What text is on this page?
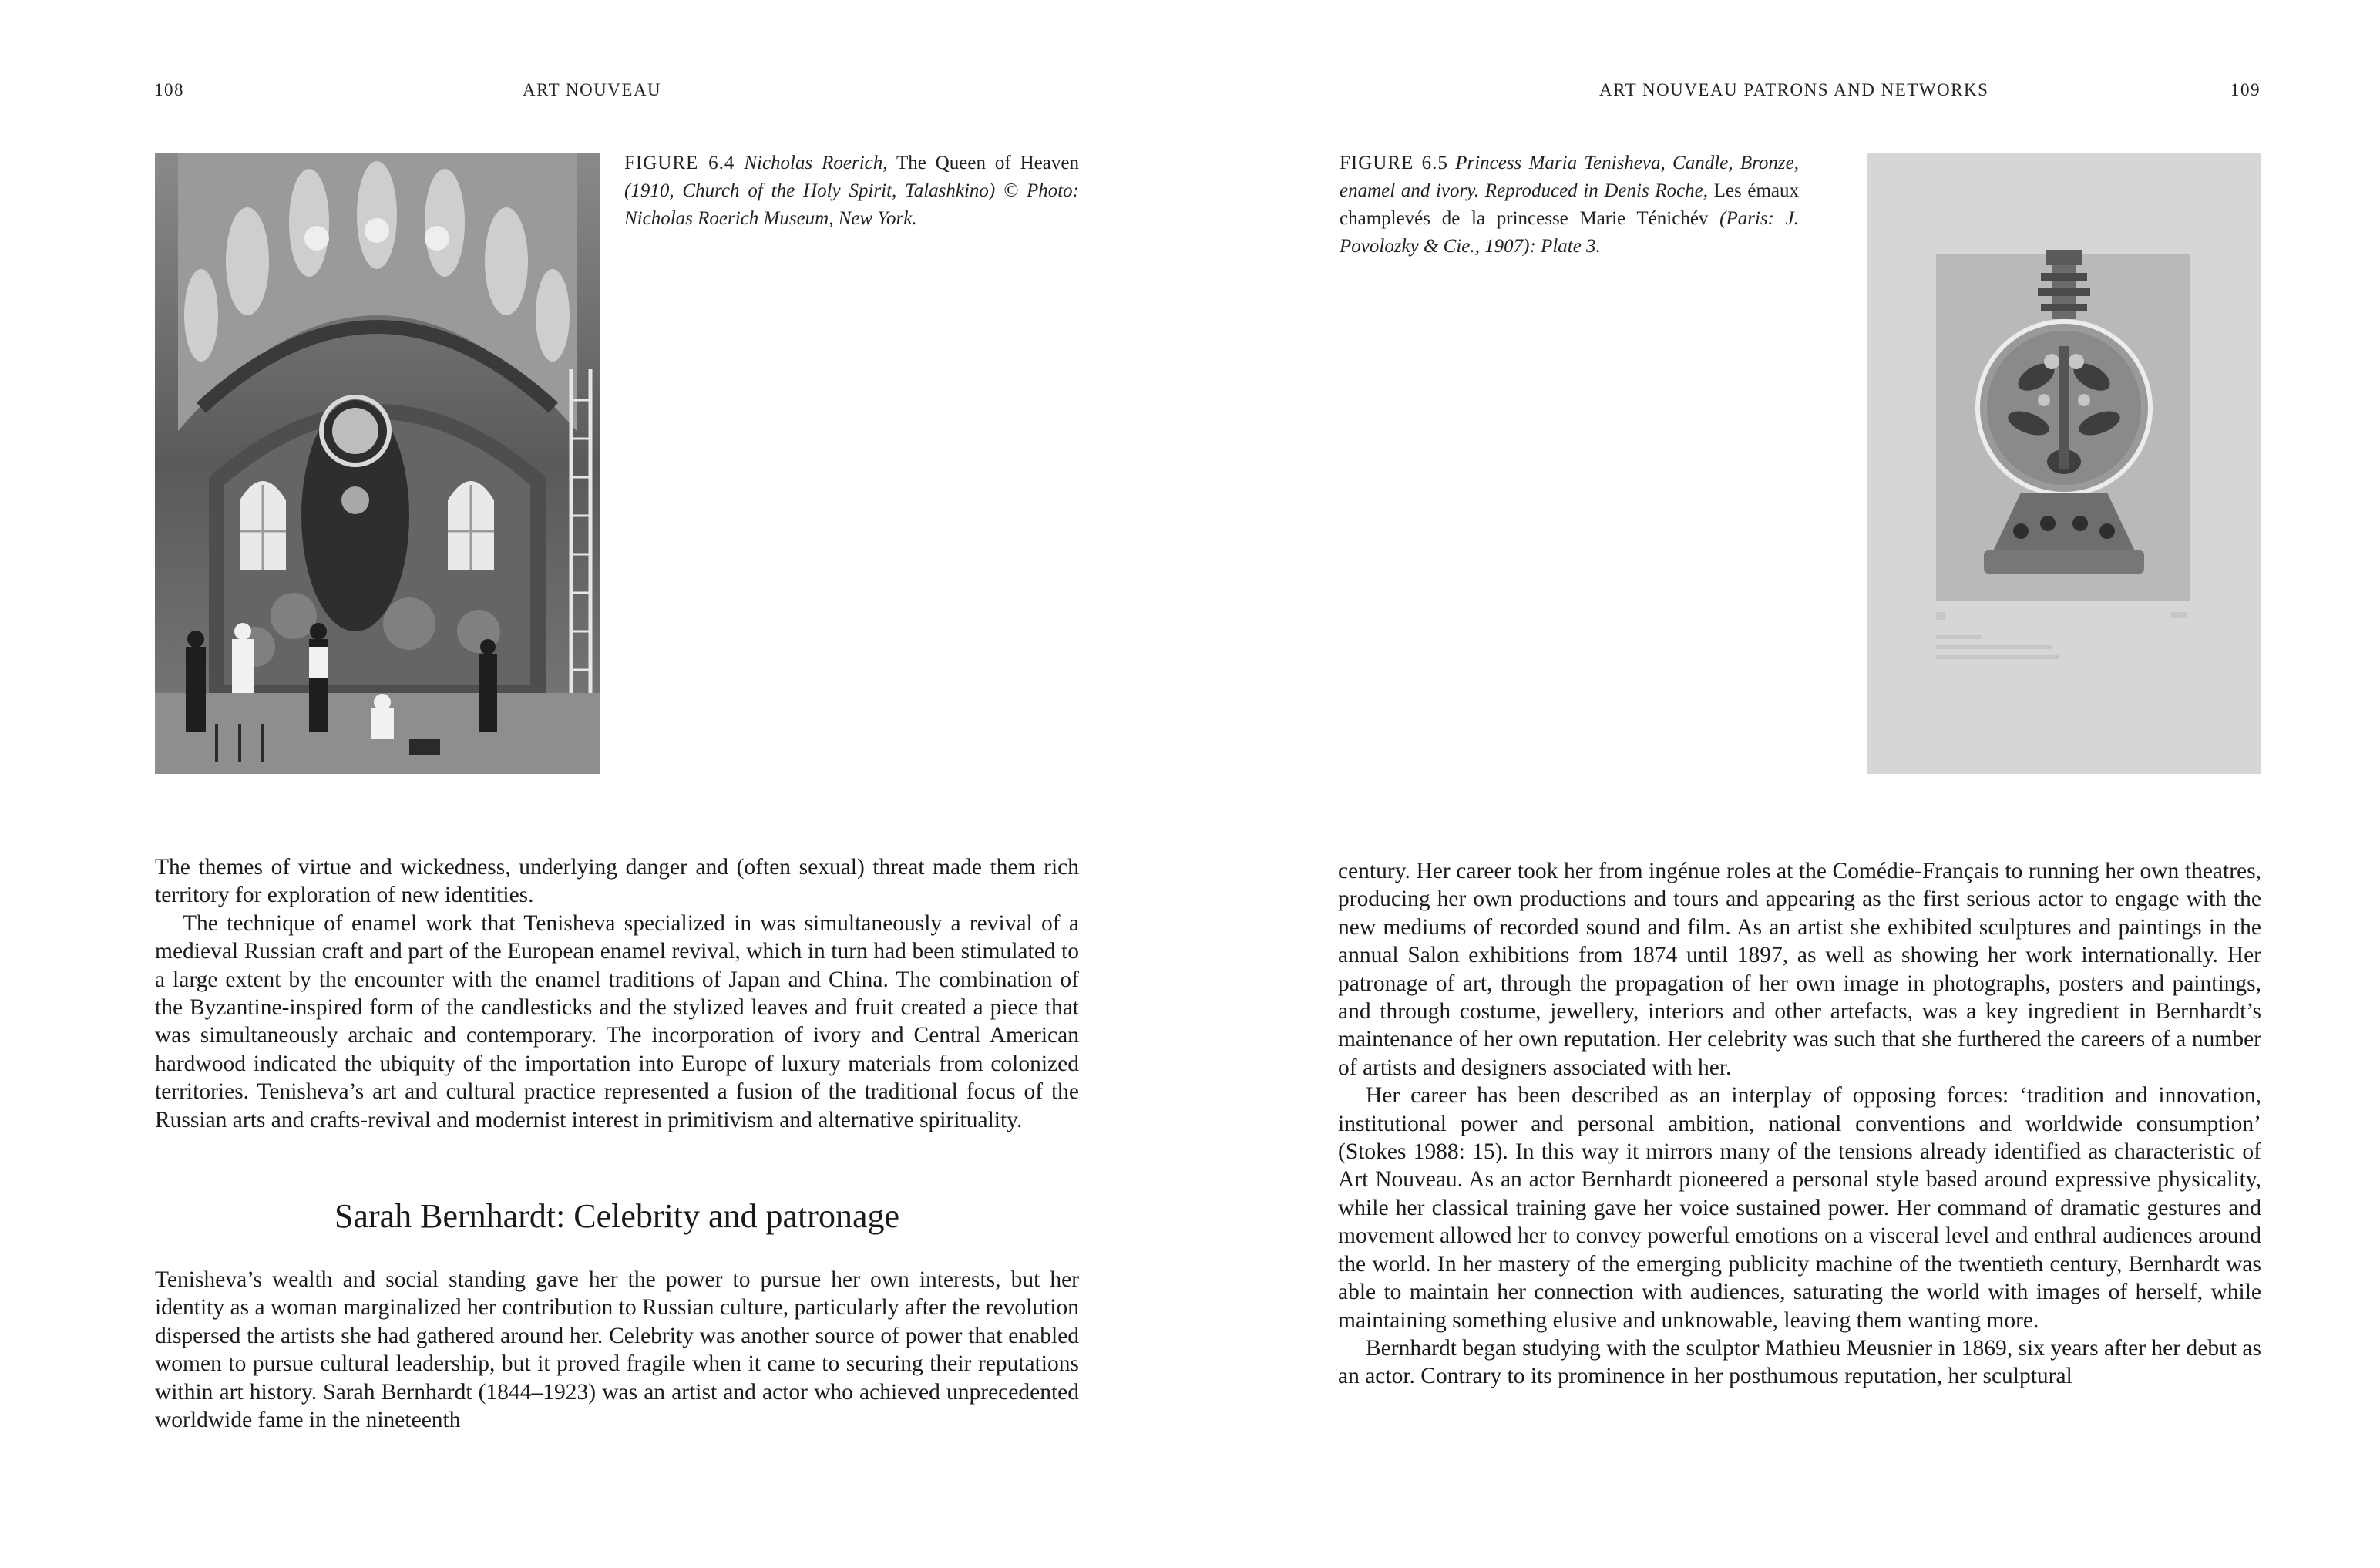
108	ART NOUVEAU
FIGURE 6.4 Nicholas Roerich, The Queen of Heaven (1910, Church of the Holy Spirit, Talashkino) © Photo: Nicholas Roerich Museum, New York.

The themes of virtue and wickedness, underlying danger and (often sexual) threat made them rich territory for exploration of new identities.

The technique of enamel work that Tenisheva specialized in was simultaneously a revival of a medieval Russian craft and part of the European enamel revival, which in turn had been stimulated to a large extent by the encounter with the enamel traditions of Japan and China. The combination of the Byzantine-inspired form of the candlesticks and the stylized leaves and fruit created a piece that was simultaneously archaic and contemporary. The incorporation of ivory and Central American hardwood indicated the ubiquity of the importation into Europe of luxury materials from colonized territories. Tenisheva’s art and cultural practice represented a fusion of the traditional focus of the Russian arts and crafts-revival and modernist interest in primitivism and alternative spirituality.

Sarah Bernhardt: Celebrity and patronage

Tenisheva’s wealth and social standing gave her the power to pursue her own interests, but her identity as a woman marginalized her contribution to Russian culture, particularly after the revolution dispersed the artists she had gathered around her. Celebrity was another source of power that enabled women to pursue cultural leadership, but it proved fragile when it came to securing their reputations within art history. Sarah Bernhardt (1844–1923) was an artist and actor who achieved unprecedented worldwide fame in the nineteenth

ART NOUVEAU PATRONS AND NETWORKS	109
FIGURE 6.5 Princess Maria Tenisheva, Candle, Bronze, enamel and ivory. Reproduced in Denis Roche, Les émaux champlevés de la princesse Marie Ténichév (Paris: J. Povolozky & Cie., 1907): Plate 3.

century. Her career took her from ingénue roles at the Comédie-Français to running her own theatres, producing her own productions and tours and appearing as the first serious actor to engage with the new mediums of recorded sound and film. As an artist she exhibited sculptures and paintings in the annual Salon exhibitions from 1874 until 1897, as well as showing her work internationally. Her patronage of art, through the propagation of her own image in photographs, posters and paintings, and through costume, jewellery, interiors and other artefacts, was a key ingredient in Bernhardt’s maintenance of her own reputation. Her celebrity was such that she furthered the careers of a number of artists and designers associated with her.

Her career has been described as an interplay of opposing forces: ‘tradition and innovation, institutional power and personal ambition, national conventions and worldwide consumption’ (Stokes 1988: 15). In this way it mirrors many of the tensions already identified as characteristic of Art Nouveau. As an actor Bernhardt pioneered a personal style based around expressive physicality, while her classical training gave her voice sustained power. Her command of dramatic gestures and movement allowed her to convey powerful emotions on a visceral level and enthral audiences around the world. In her mastery of the emerging publicity machine of the twentieth century, Bernhardt was able to maintain her connection with audiences, saturating the world with images of herself, while maintaining something elusive and unknowable, leaving them wanting more.

Bernhardt began studying with the sculptor Mathieu Meusnier in 1869, six years after her debut as an actor. Contrary to its prominence in her posthumous reputation, her sculptural
